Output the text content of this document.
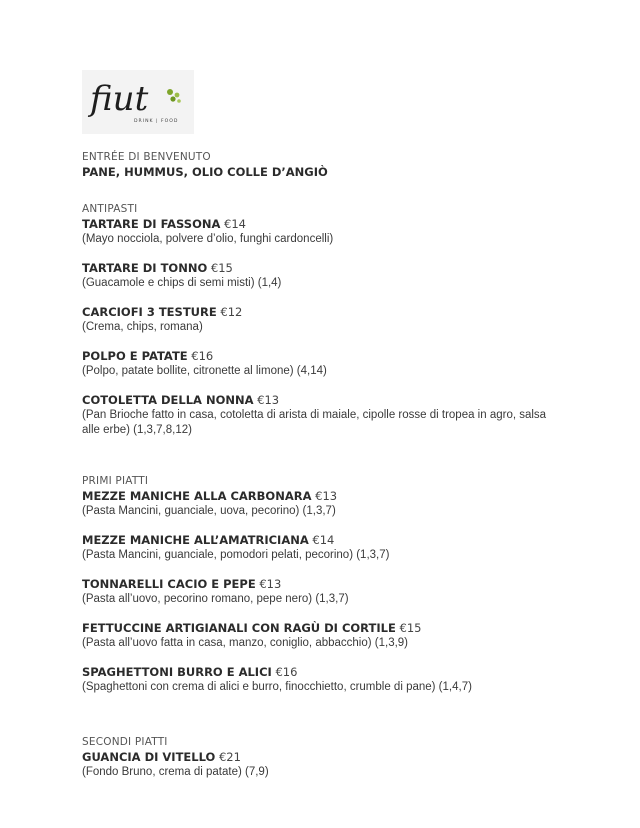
fiut
DRINK | FOOD
ENTRÉE DI BENVENUTO
PANE, HUMMUS, OLIO COLLE D’ANGIÒ
ANTIPASTI
TARTARE DI FASSONA €14
(Mayo nocciola, polvere d’olio, funghi cardoncelli)
TARTARE DI TONNO €15
(Guacamole e chips di semi misti) (1,4)
CARCIOFI 3 TESTURE €12
(Crema, chips, romana)
POLPO E PATATE €16
(Polpo, patate bollite, citronette al limone) (4,14)
COTOLETTA DELLA NONNA €13
(Pan Brioche fatto in casa, cotoletta di arista di maiale, cipolle rosse di tropea in agro, salsa alle erbe) (1,3,7,8,12)
PRIMI PIATTI
MEZZE MANICHE ALLA CARBONARA €13
(Pasta Mancini, guanciale, uova, pecorino) (1,3,7)
MEZZE MANICHE ALL’AMATRICIANA €14
(Pasta Mancini, guanciale, pomodori pelati, pecorino) (1,3,7)
TONNARELLI CACIO E PEPE €13
(Pasta all’uovo, pecorino romano, pepe nero) (1,3,7)
FETTUCCINE ARTIGIANALI CON RAGÙ DI CORTILE €15
(Pasta all’uovo fatta in casa, manzo, coniglio, abbacchio) (1,3,9)
SPAGHETTONI BURRO E ALICI €16
(Spaghettoni con crema di alici e burro, finocchietto, crumble di pane) (1,4,7)
SECONDI PIATTI
GUANCIA DI VITELLO €21
(Fondo Bruno, crema di patate) (7,9)
